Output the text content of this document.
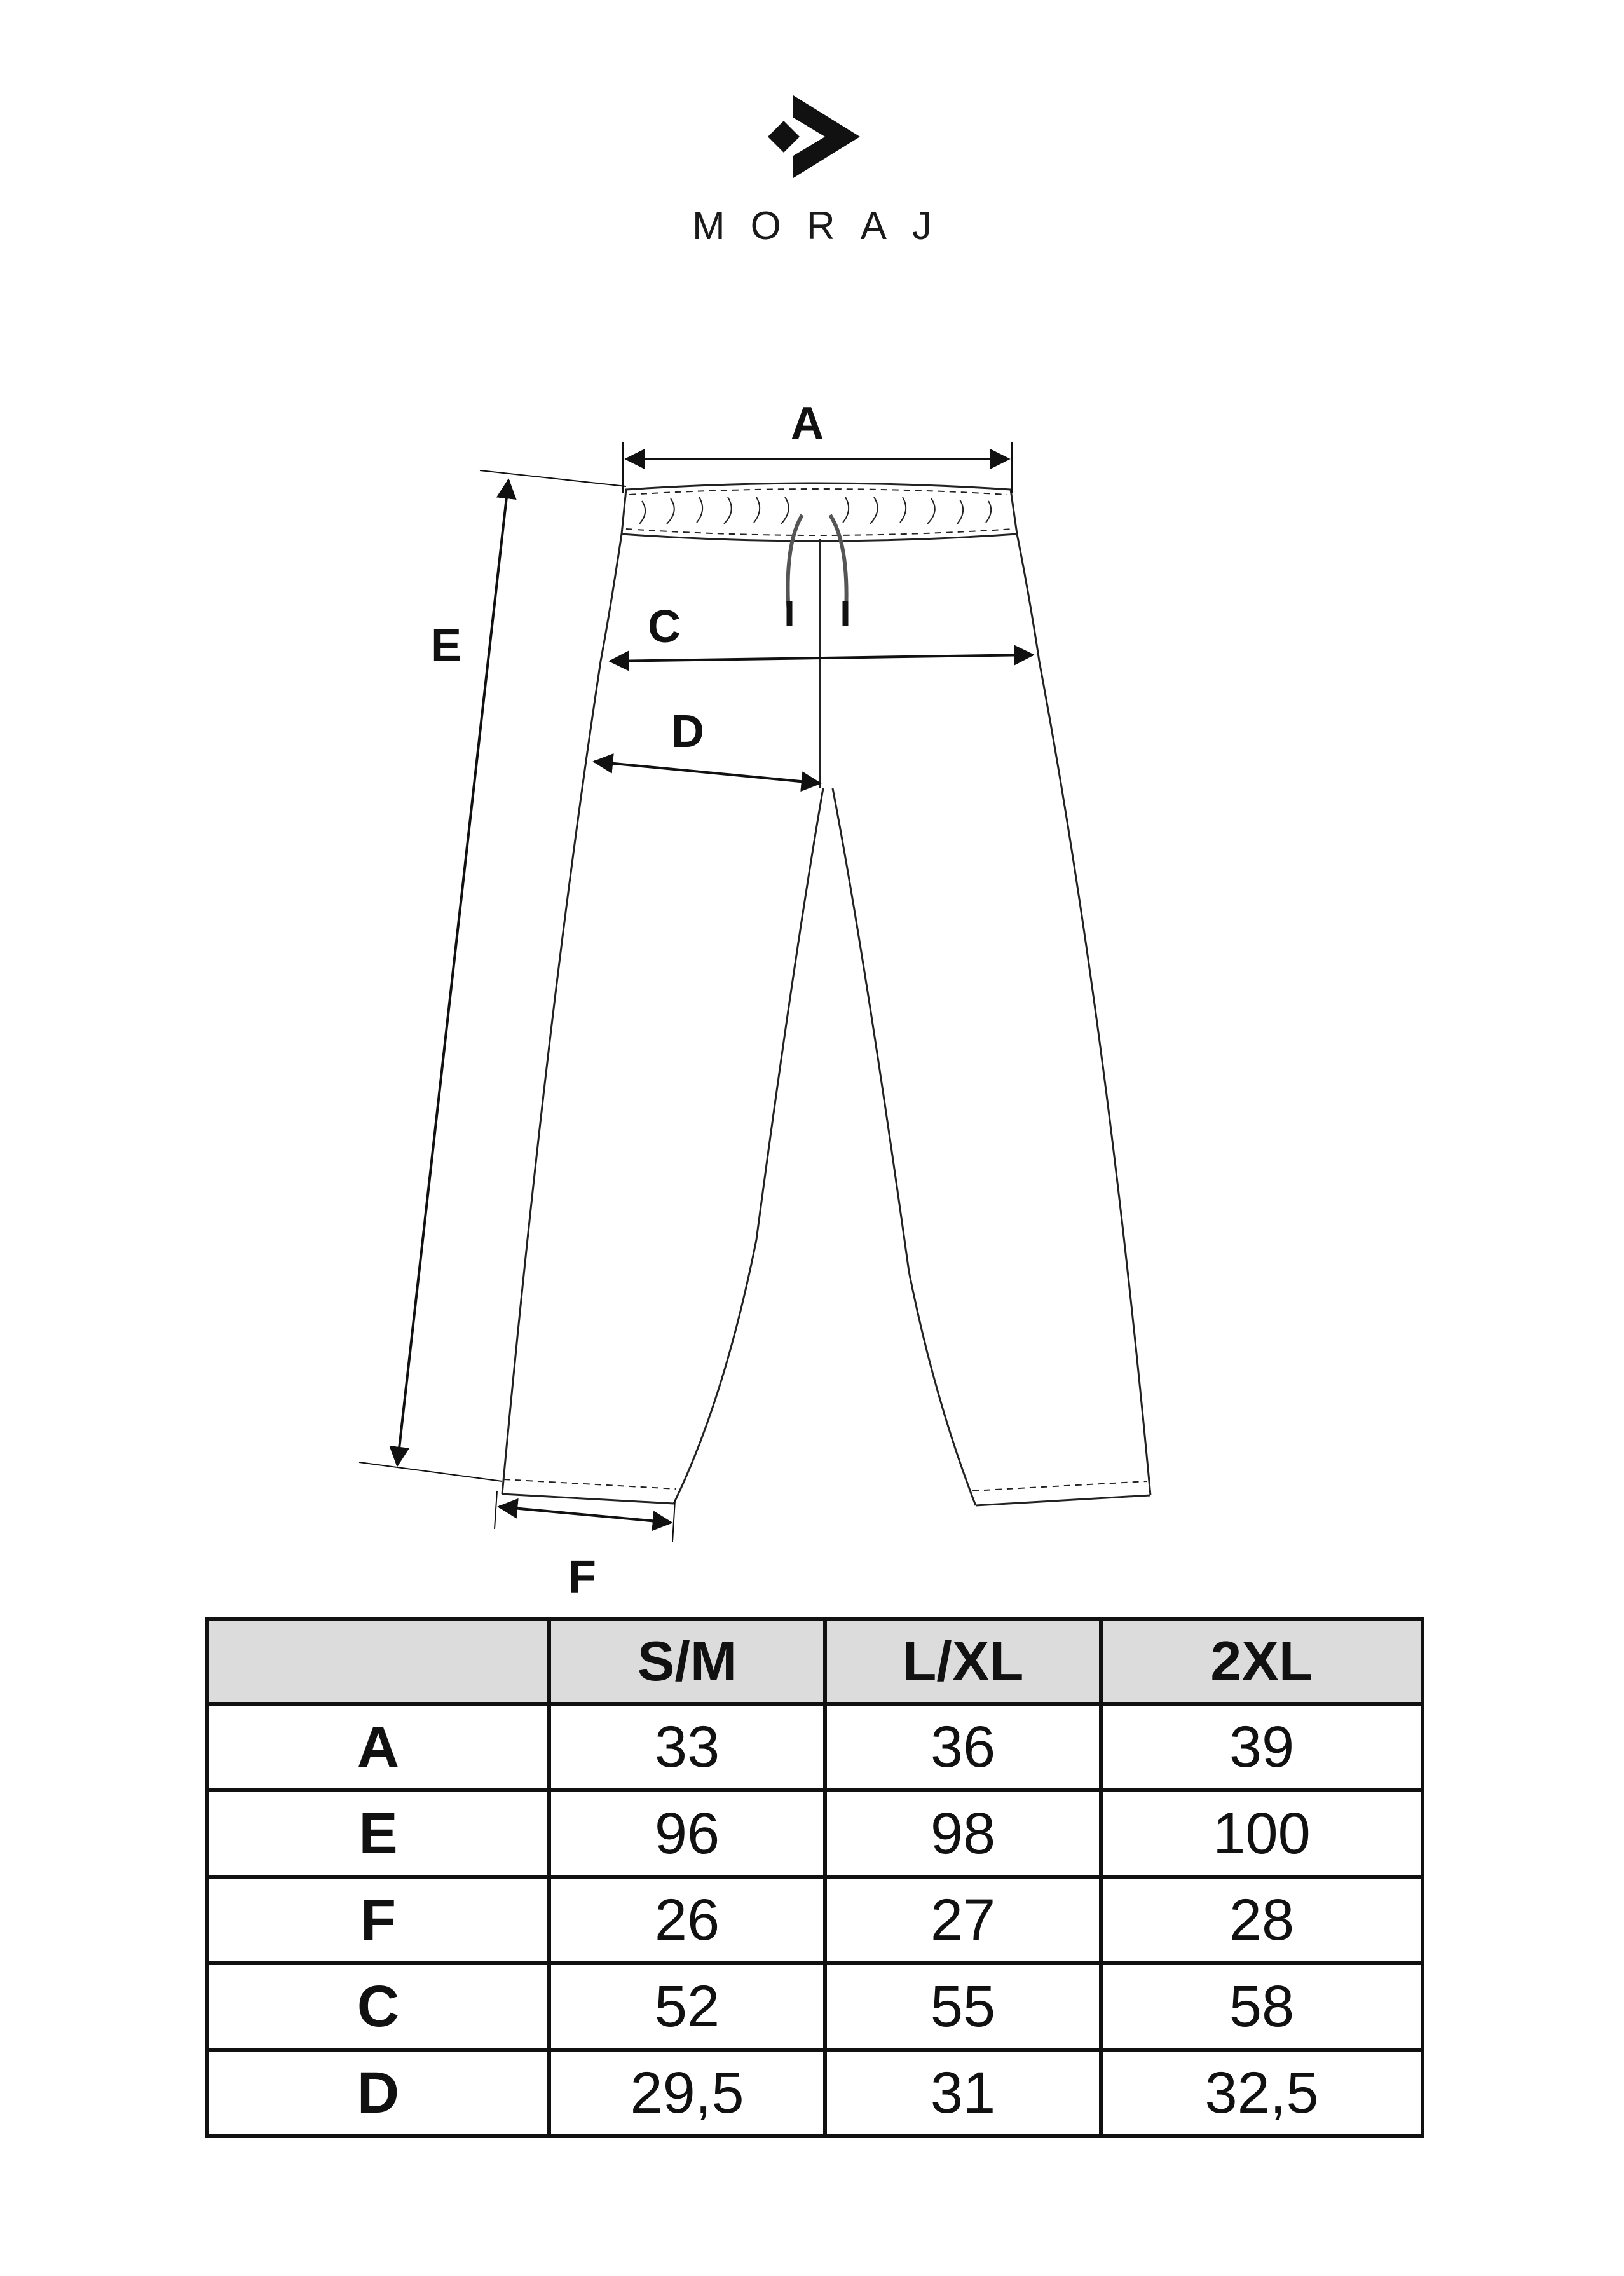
MORAJ
A
C
D
E
F
	S/M	L/XL	2XL
A	33	36	39
E	96	98	100
F	26	27	28
C	52	55	58
D	29,5	31	32,5
